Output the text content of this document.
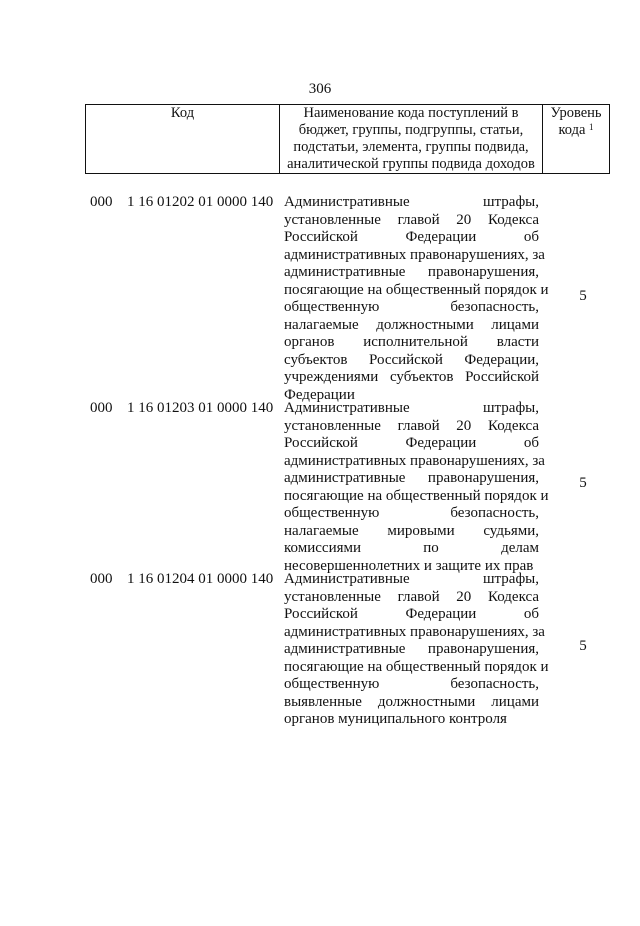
306
Код	Наименование кода поступлений в
бюджет, группы, подгруппы, статьи,
подстатьи, элемента, группы подвида,
аналитической группы подвида доходов

Уровень
кода $^1$
000 1 16 01202 01 0000 140 Административные штрафы,
установленные главой 20 Кодекса
Российской Федерации об
административных правонарушениях, за
административные правонарушения,
посягающие на общественный порядок и
общественную безопасность,
налагаемые должностными лицами
органов исполнительной власти
субъектов Российской Федерации,
учреждениями субъектов Российской
Федерации
5
000 1 16 01203 01 0000 140 Административные штрафы,
установленные главой 20 Кодекса
Российской Федерации об
административных правонарушениях, за
административные правонарушения,
посягающие на общественный порядок и
общественную безопасность,
налагаемые мировыми судьями,
комиссиями по делам
несовершеннолетних и защите их прав
5
000 1 16 01204 01 0000 140 Административные штрафы,
установленные главой 20 Кодекса
Российской Федерации об
административных правонарушениях, за
административные правонарушения,
посягающие на общественный порядок и
общественную безопасность,
выявленные должностными лицами
органов муниципального контроля
5
